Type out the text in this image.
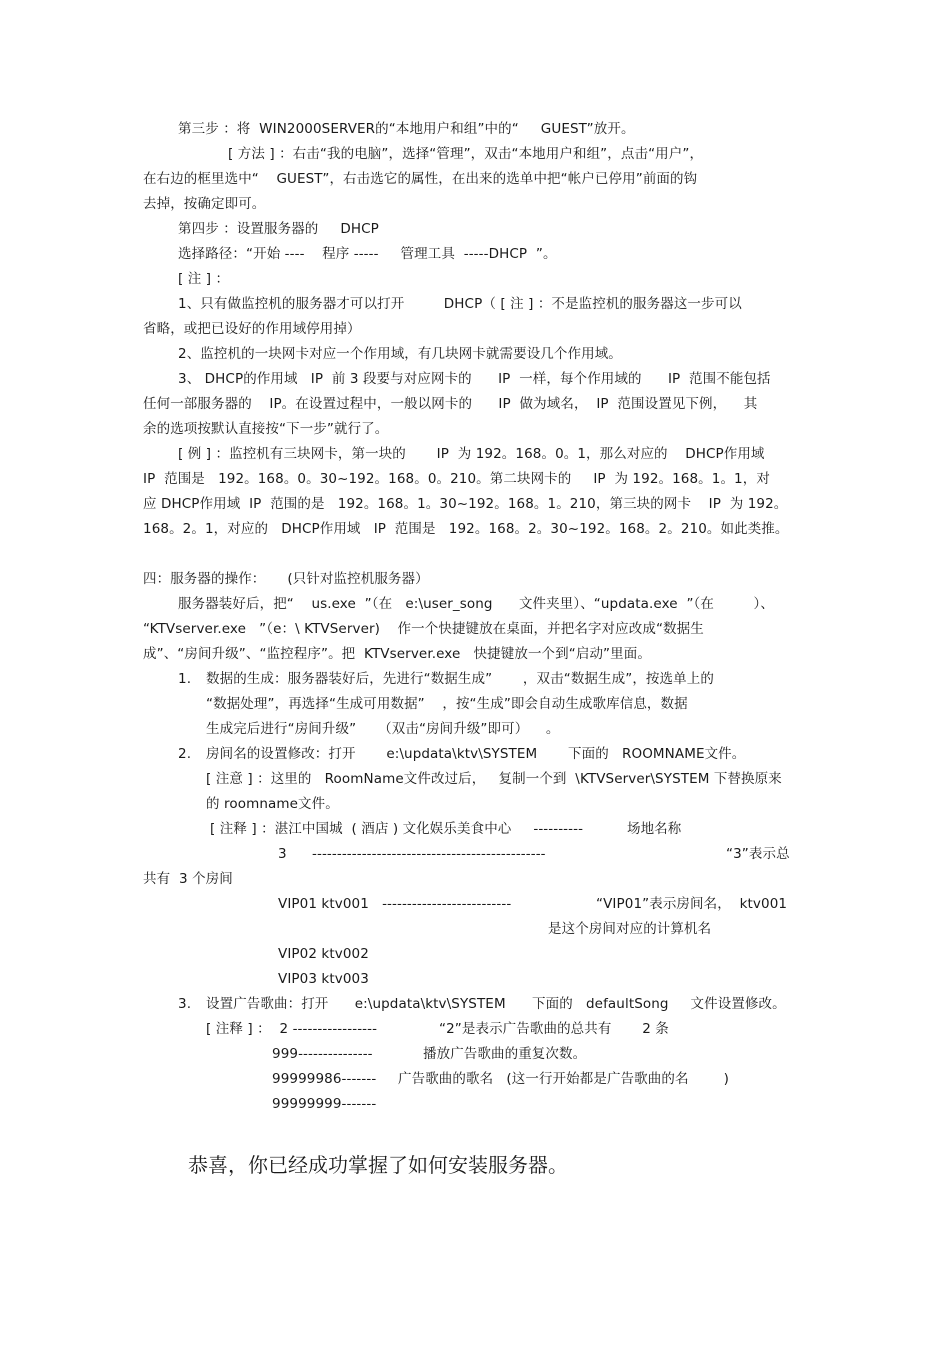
第三步 ：将  WIN2000SERVER的“本地用户和组”中的“     GUEST”放开。
[ 方法 ] ：右击“我的电脑”，选择“管理”，双击“本地用户和组”，点击“用户”，
在右边的框里选中“    GUEST”，右击选它的属性，在出来的选单中把“帐户已停用”前面的钩
去掉，按确定即可。
第四步 ：设置服务器的     DHCP
选择路径：“开始 ----    程序 -----     管理工具  -----DHCP  ”。
[ 注 ] ：
1、只有做监控机的服务器才可以打开         DHCP（ [ 注 ] ：不是监控机的服务器这一步可以
省略，或把已设好的作用域停用掉）
2、监控机的一块网卡对应一个作用域，有几块网卡就需要设几个作用域。
3、 DHCP的作用域   IP  前 3 段要与对应网卡的      IP  一样，每个作用域的      IP  范围不能包括
任何一部服务器的    IP。在设置过程中，一般以网卡的      IP  做为域名，  IP  范围设置见下例，    其
余的选项按默认直接按“下一步”就行了。
[ 例 ] ：监控机有三块网卡，第一块的       IP  为 192。168。0。1，那么对应的    DHCP作用域
IP  范围是   192。168。0。30~192。168。0。210。第二块网卡的     IP  为 192。168。1。1，对
应 DHCP作用域  IP  范围的是   192。168。1。30~192。168。1。210，第三块的网卡    IP  为 192。
168。2。1，对应的   DHCP作用域   IP  范围是   192。168。2。30~192。168。2。210。如此类推。
四：服务器的操作：     (只针对监控机服务器）
服务器装好后，把“    us.exe  ”（在   e:\user_song      文件夹里）、“updata.exe  ”（在         ）、
“KTVserver.exe   ”（e：\ KTVServer)    作一个快捷键放在桌面，并把名字对应改成“数据生
成”、“房间升级”、“监控程序”。把  KTVserver.exe   快捷键放一个到“启动”里面。
1. 数据的生成：服务器装好后，先进行“数据生成”       ，双击“数据生成”，按选单上的
“数据处理”，再选择“生成可用数据”    ，按“生成”即会自动生成歌库信息，数据
生成完后进行“房间升级”     （双击“房间升级”即可）    。
2. 房间名的设置修改：打开       e:\updata\ktv\SYSTEM       下面的   ROOMNAME文件。
[ 注意 ] ：这里的   RoomName文件改过后，   复制一个到  \KTVServer\SYSTEM 下替换原来
的 roomname文件。
[ 注释 ] ：湛江中国城  ( 酒店 ) 文化娱乐美食中心     ----------          场地名称
3 -----------------------------------------------	“3”表示总
共有  3 个房间
VIP01 ktv001   --------------------------	“VIP01”表示房间名，  ktv001
是这个房间对应的计算机名
VIP02 ktv002
VIP03 ktv003
3. 设置广告歌曲：打开      e:\updata\ktv\SYSTEM      下面的   defaultSong     文件设置修改。
[ 注释 ] ：  2 -----------------	“2”是表示广告歌曲的总共有       2 条
999---------------	播放广告歌曲的重复次数。
99999986------- 广告歌曲的歌名   (这一行开始都是广告歌曲的名        )
99999999-------
恭喜，你已经成功掌握了如何安装服务器。
